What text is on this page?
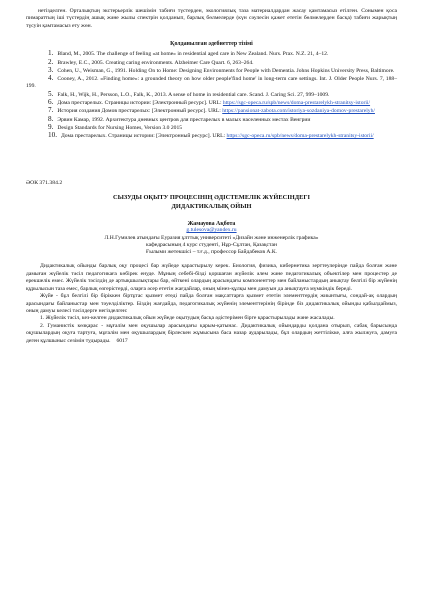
нетізделген. Орталықтың экстерьерлік шешімін табиғи түстерден, экологиялық таза материалдардан жасау қамтамасыз етілген. Сонымен қоса пимараттың іші түстердің ашық және жылы спектрін қолданып, барлық бөлмелерде (күн сәулесін қажет ететін бөлмелерден басқа) табиғи жарықтың түсуін қамтамасыз ету жөн.

Қолданылған әдебиеттер тізімі

1. Bland, M., 2005. The challenge of feeling «at home» in residential aged care in New Zealand. Nurs. Prax. N.Z. 21, 4–12.

2. Brawley, E.C., 2005. Creating caring environments. Alzheimer Care Quart. 6, 263–264.

3. Cohen, U., Weisman, G., 1991. Holding On to Home: Designing Environments for People with Dementia. Johns Hopkins University Press, Baltimore.

4. Cooney, A., 2012. «Finding home»: a grounded theory on how older people'find home' in long-term care settings. Int. J. Older People Nurs. 7, 188–199.

5. Falk, H., Wijk, H., Persson, L.O., Falk, K., 2013. A sense of home in residential care. Scand. J. Caring Sci. 27, 999–1009.

6. Дома престарелых. Страницы истории: [Электронный ресурс]. URL: https://sgc-opeca.ru/spb/news/doma-prestarelykh-stranitsy-istorii/

7. История создания Домов престарелых: [Электронный ресурс]. URL: https://pansionat-zabota.com/istoriya-sozdaniya-domov-prestarelyh/

8. Эрвин Камар, 1992. Архитектура дневных центров для престарелых в малых населенных местах Венгрии

9. Design Standards for Nursing Homes, Version 3.0 2015

10. Дома престарелых. Страницы истории: [Электронный ресурс]. URL: https://sgc-opeca.ru/spb/news/doma-prestarelykh-stranitsy-istorii/

ӘОК 371.384.2

СЫЗУДЫ ОҚЫТУ ПРОЦЕСІНІҢ ӘДІСТЕМЕЛІК ЖҮЙЕСІНДЕГІ
ДИДАКТИКАЛЫҚ ОЙЫН

Жамауова Ақбота

g.tulesova@yandex.ru

Л.Н.Гумилев атындағы Еуразия ұлттық университеті «Дизайн және инженерлік графика»

кафедрасының 4 курс студенті, Нұр-Сұлтан, Қазақстан

Ғылыми жетекшісі – т.ғ.д., профессор Байдабеков А.К.

Дидактикалық ойынды барлық оқу процесі бар жүйеде қарастырылу керек. Биология, физика, кибернетика зерттеулерінде пайда болған және дамыған жүйелік тәсіл педагогикаға көбірек енуде. Мұның себебі-бізді қоршаған жүйелік әлем және педагогикалық объектілер мен процестер де ерекшелік емес. Жүйелік тәсілдің де артықшылықтары бар, өйткені олардың арасындағы компоненттер мен байланыстардың анықтау белгілі бір жүйенің құрылысын таза емес, барлық өзгерістерді, оларға әсер ететін жағдайлар, оның мінез-құлқы мен дамуын да анықтауға мүмкіндік береді.

Жүйе - бұл белгілі бір біріккен біртұтас қызмет етеді пайда болған мақсаттарға қызмет ететін элементтердің жиынтығы, сондай-ақ олардың арасындағы байланыстар мен тәуелділіктер. Біздің жағдайда, педагогикалық жүйенің элементтерінің бірінде біз дидактикалық ойынды қабылдаймыз, оның дамуы келесі тәсілдерге негізделген:

1. Жүйелік тәсіл, кез-келген дидактикалық ойын жүйеде оқытудың басқа әдістерімен бірге қарастырылады және жасалады.

2. Гуманистік көзқарас - мұғалім мен оқушылар арасындағы қарым-қатынас. Дидактикалық ойындарды қолдана отырып, сабақ барысында оқушылардың оқуға тартуға, мұғалім мен оқушылардың бірлескен жұмысына баса назар аударылады, бұл олардың жеттілікке, алға жылжуға, дамуға деген құлшыныс сезімін тудырады. 6017
